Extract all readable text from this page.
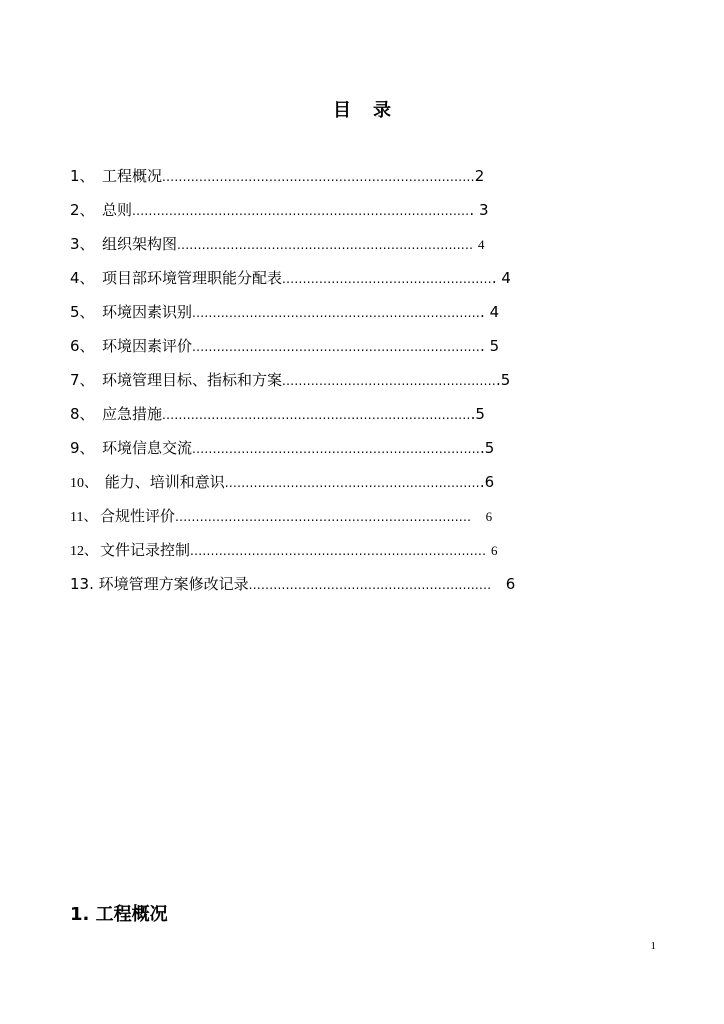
目 录
1、 工程概况............................................................................2
2、 总则................................................................................... 3
3、 组织架构图........................................................................ 4
4、 项目部环境管理职能分配表.................................................... 4
5、 环境因素识别....................................................................... 4
6、 环境因素评价....................................................................... 5
7、 环境管理目标、指标和方案.....................................................5
8、 应急措施............................................................................5
9、 环境信息交流.......................................................................5
10、 能力、培训和意识...............................................................6
11、 合规性评价........................................................................ 6
12、 文件记录控制........................................................................ 6
13. 环境管理方案修改记录........................................................... 6
1. 工程概况
1
